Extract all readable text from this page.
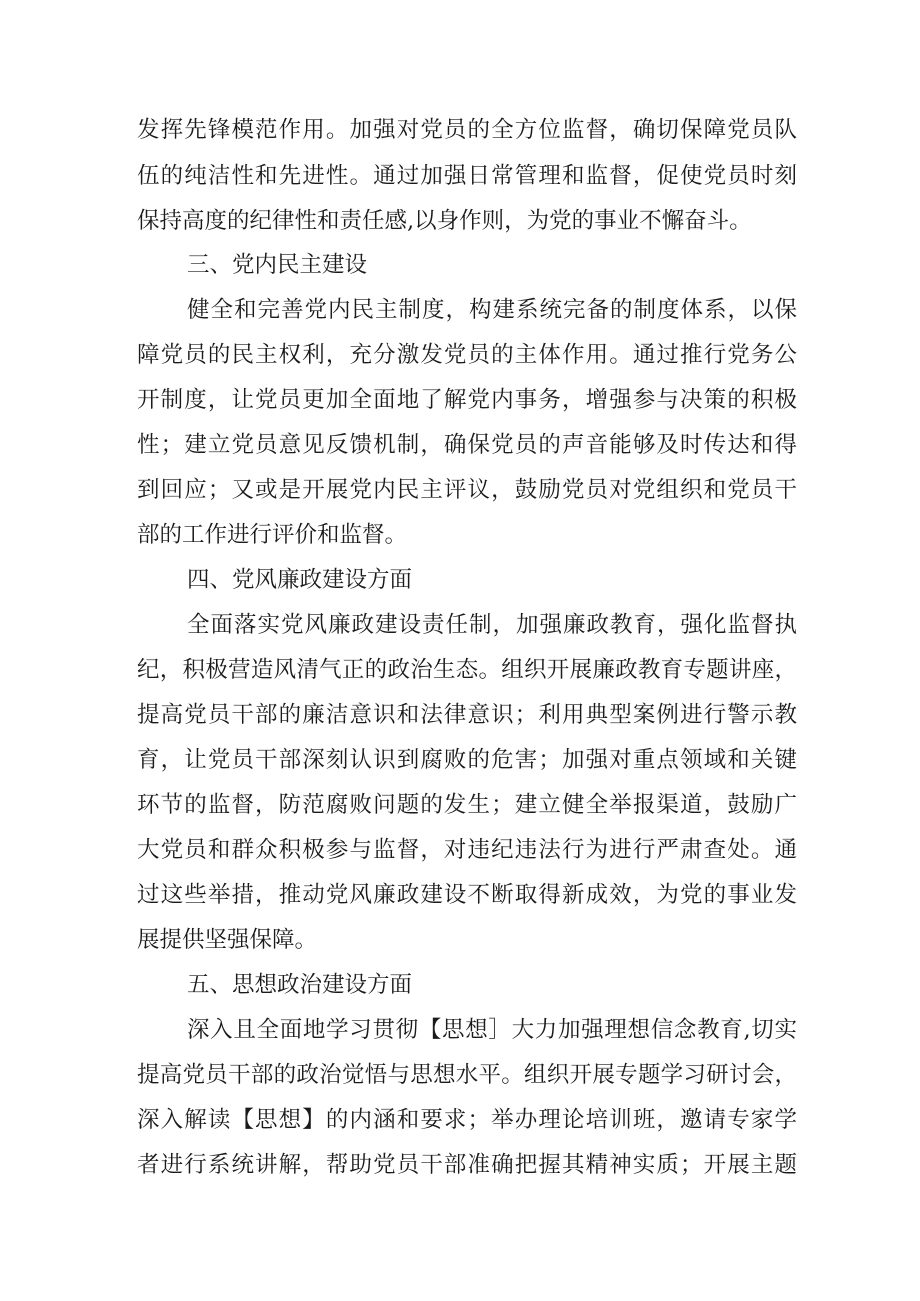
发挥先锋模范作用。加强对党员的全方位监督，确切保障党员队
伍的纯洁性和先进性。通过加强日常管理和监督，促使党员时刻
保持高度的纪律性和责任感,以身作则，为党的事业不懈奋斗。
三、党内民主建设
健全和完善党内民主制度，构建系统完备的制度体系，以保
障党员的民主权利，充分激发党员的主体作用。通过推行党务公
开制度，让党员更加全面地了解党内事务，增强参与决策的积极
性；建立党员意见反馈机制，确保党员的声音能够及时传达和得
到回应；又或是开展党内民主评议，鼓励党员对党组织和党员干
部的工作进行评价和监督。
四、党风廉政建设方面
全面落实党风廉政建设责任制，加强廉政教育，强化监督执
纪，积极营造风清气正的政治生态。组织开展廉政教育专题讲座，
提高党员干部的廉洁意识和法律意识；利用典型案例进行警示教
育，让党员干部深刻认识到腐败的危害；加强对重点领域和关键
环节的监督，防范腐败问题的发生；建立健全举报渠道，鼓励广
大党员和群众积极参与监督，对违纪违法行为进行严肃查处。通
过这些举措，推动党风廉政建设不断取得新成效，为党的事业发
展提供坚强保障。
五、思想政治建设方面
深入且全面地学习贯彻【思想］大力加强理想信念教育,切实
提高党员干部的政治觉悟与思想水平。组织开展专题学习研讨会，
深入解读【思想】的内涵和要求；举办理论培训班，邀请专家学
者进行系统讲解，帮助党员干部准确把握其精神实质；开展主题
